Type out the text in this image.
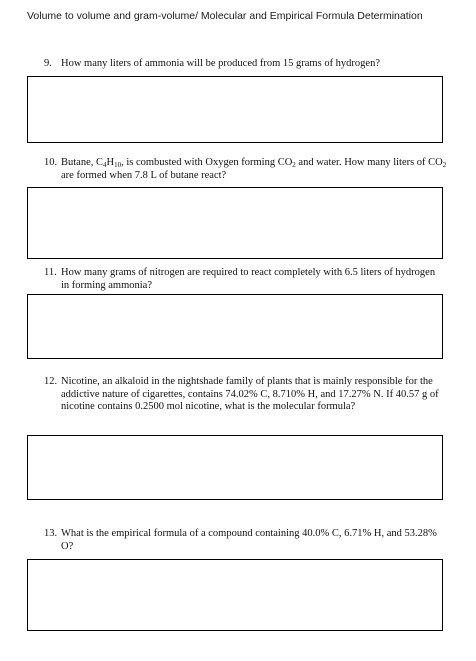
Volume to volume and gram-volume/ Molecular and Empirical Formula Determination
9. How many liters of ammonia will be produced from 15 grams of hydrogen?
10. Butane, $C_4H_{10}$, is combusted with Oxygen forming $CO_2$ and water. How many liters of $CO_2$ are formed when 7.8 L of butane react?
11. How many grams of nitrogen are required to react completely with 6.5 liters of hydrogen in forming ammonia?
12. Nicotine, an alkaloid in the nightshade family of plants that is mainly responsible for the addictive nature of cigarettes, contains 74.02% C, 8.710% H, and 17.27% N. If 40.57 g of nicotine contains 0.2500 mol nicotine, what is the molecular formula?
13. What is the empirical formula of a compound containing 40.0% C, 6.71% H, and 53.28% O?
